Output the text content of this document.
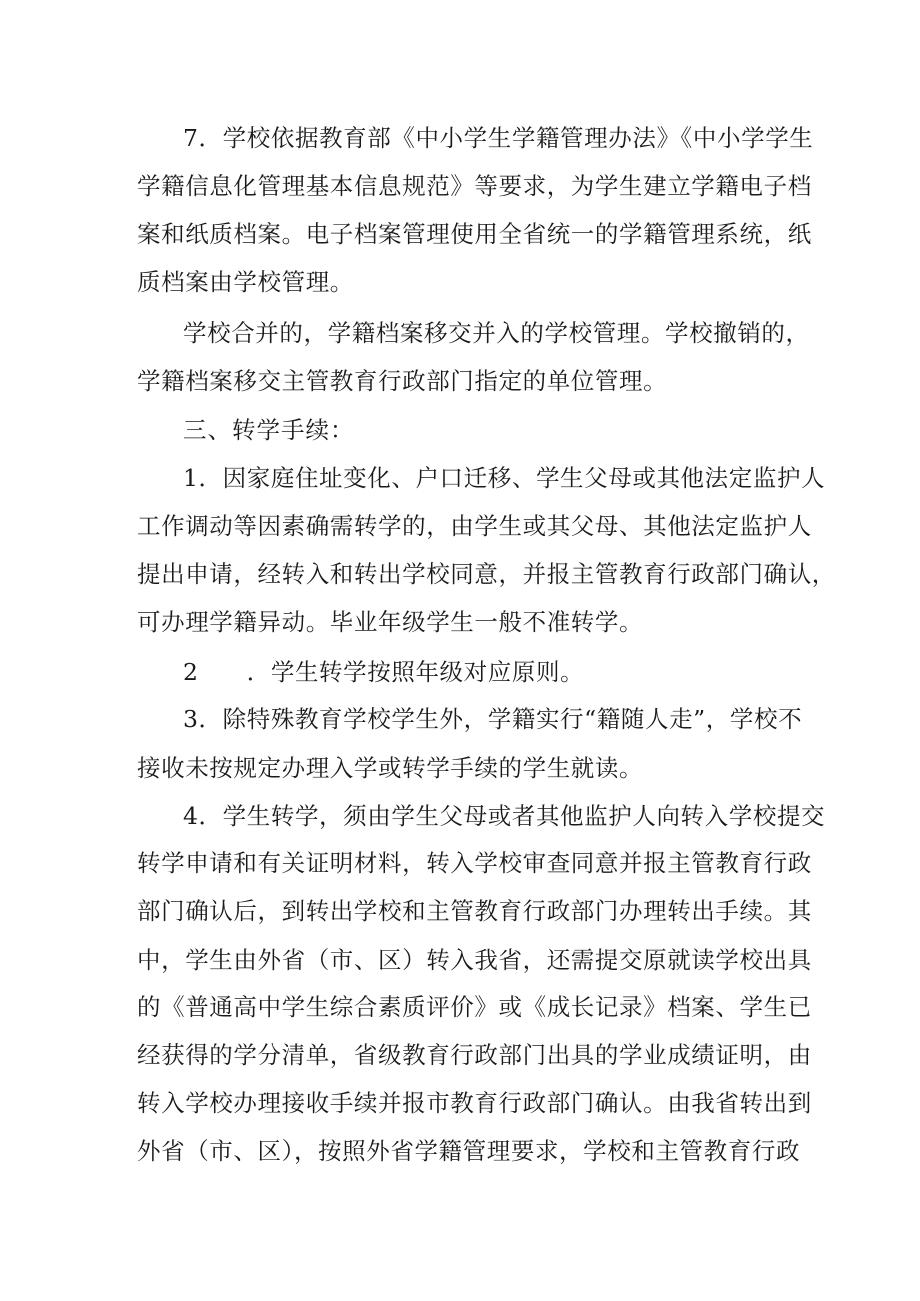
7．学校依据教育部《中小学生学籍管理办法》《中小学学生

学籍信息化管理基本信息规范》等要求，为学生建立学籍电子档

案和纸质档案。电子档案管理使用全省统一的学籍管理系统，纸

质档案由学校管理。

学校合并的，学籍档案移交并入的学校管理。学校撤销的，

学籍档案移交主管教育行政部门指定的单位管理。

三、转学手续：

1．因家庭住址变化、户口迁移、学生父母或其他法定监护人

工作调动等因素确需转学的，由学生或其父母、其他法定监护人

提出申请，经转入和转出学校同意，并报主管教育行政部门确认，

可办理学籍异动。毕业年级学生一般不准转学。

2　　．学生转学按照年级对应原则。

3．除特殊教育学校学生外，学籍实行“籍随人走”，学校不

接收未按规定办理入学或转学手续的学生就读。

4．学生转学，须由学生父母或者其他监护人向转入学校提交

转学申请和有关证明材料，转入学校审查同意并报主管教育行政

部门确认后，到转出学校和主管教育行政部门办理转出手续。其

中，学生由外省（市、区）转入我省，还需提交原就读学校出具

的《普通高中学生综合素质评价》或《成长记录》档案、学生已

经获得的学分清单，省级教育行政部门出具的学业成绩证明，由

转入学校办理接收手续并报市教育行政部门确认。由我省转出到

外省（市、区），按照外省学籍管理要求，学校和主管教育行政
